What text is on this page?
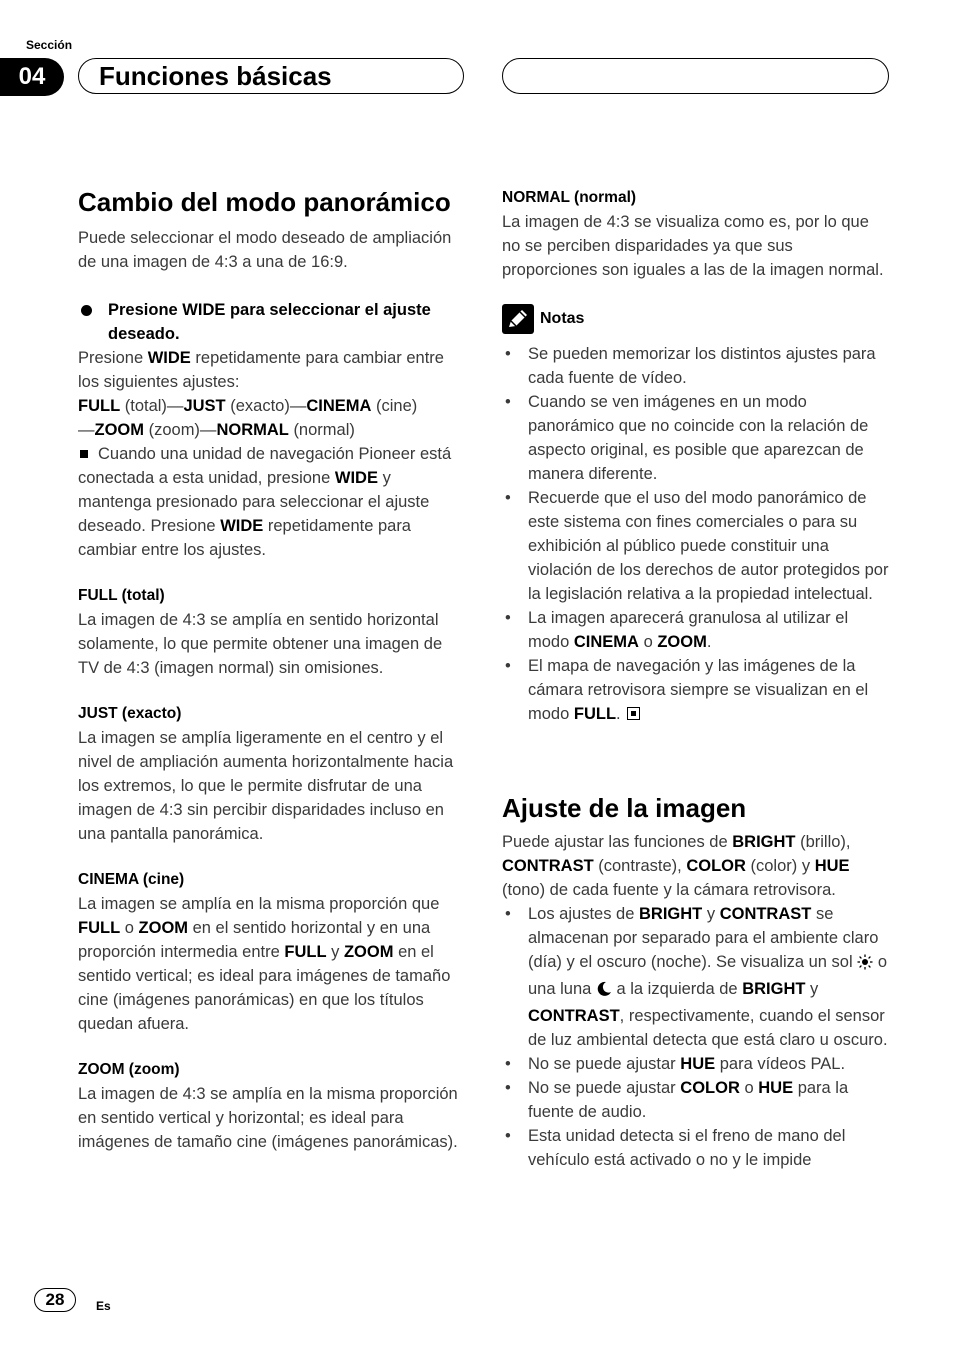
Sección
04	Funciones básicas
Cambio del modo panorámico

Puede seleccionar el modo deseado de ampliación de una imagen de 4:3 a una de 16:9.

Presione WIDE para seleccionar el ajuste deseado.

Presione WIDE repetidamente para cambiar entre los siguientes ajustes:

FULL (total)—JUST (exacto)—CINEMA (cine)
—ZOOM (zoom)—NORMAL (normal)

Cuando una unidad de navegación Pioneer está conectada a esta unidad, presione WIDE y mantenga presionado para seleccionar el ajuste deseado. Presione WIDE repetidamente para cambiar entre los ajustes.

FULL (total)

La imagen de 4:3 se amplía en sentido horizontal solamente, lo que permite obtener una imagen de TV de 4:3 (imagen normal) sin omisiones.

JUST (exacto)

La imagen se amplía ligeramente en el centro y el nivel de ampliación aumenta horizontalmente hacia los extremos, lo que le permite disfrutar de una imagen de 4:3 sin percibir disparidades incluso en una pantalla panorámica.

CINEMA (cine)

La imagen se amplía en la misma proporción que FULL o ZOOM en el sentido horizontal y en una proporción intermedia entre FULL y ZOOM en el sentido vertical; es ideal para imágenes de tamaño cine (imágenes panorámicas) en que los títulos quedan afuera.

ZOOM (zoom)

La imagen de 4:3 se amplía en la misma proporción en sentido vertical y horizontal; es ideal para imágenes de tamaño cine (imágenes panorámicas).

NORMAL (normal)

La imagen de 4:3 se visualiza como es, por lo que no se perciben disparidades ya que sus proporciones son iguales a las de la imagen normal.

Notas
• Se pueden memorizar los distintos ajustes para cada fuente de vídeo.
• Cuando se ven imágenes en un modo panorámico que no coincide con la relación de aspecto original, es posible que aparezcan de manera diferente.
• Recuerde que el uso del modo panorámico de este sistema con fines comerciales o para su exhibición al público puede constituir una violación de los derechos de autor protegidos por la legislación relativa a la propiedad intelectual.
• La imagen aparecerá granulosa al utilizar el modo CINEMA o ZOOM.
• El mapa de navegación y las imágenes de la cámara retrovisora siempre se visualizan en el modo FULL.
Ajuste de la imagen

Puede ajustar las funciones de BRIGHT (brillo), CONTRAST (contraste), COLOR (color) y HUE (tono) de cada fuente y la cámara retrovisora.

• Los ajustes de BRIGHT y CONTRAST se almacenan por separado para el ambiente claro (día) y el oscuro (noche). Se visualiza un sol o una luna a la izquierda de BRIGHT y CONTRAST, respectivamente, cuando el sensor de luz ambiental detecta que está claro u oscuro.
• No se puede ajustar HUE para vídeos PAL.
• No se puede ajustar COLOR o HUE para la fuente de audio.
• Esta unidad detecta si el freno de mano del vehículo está activado o no y le impide
28	Es
